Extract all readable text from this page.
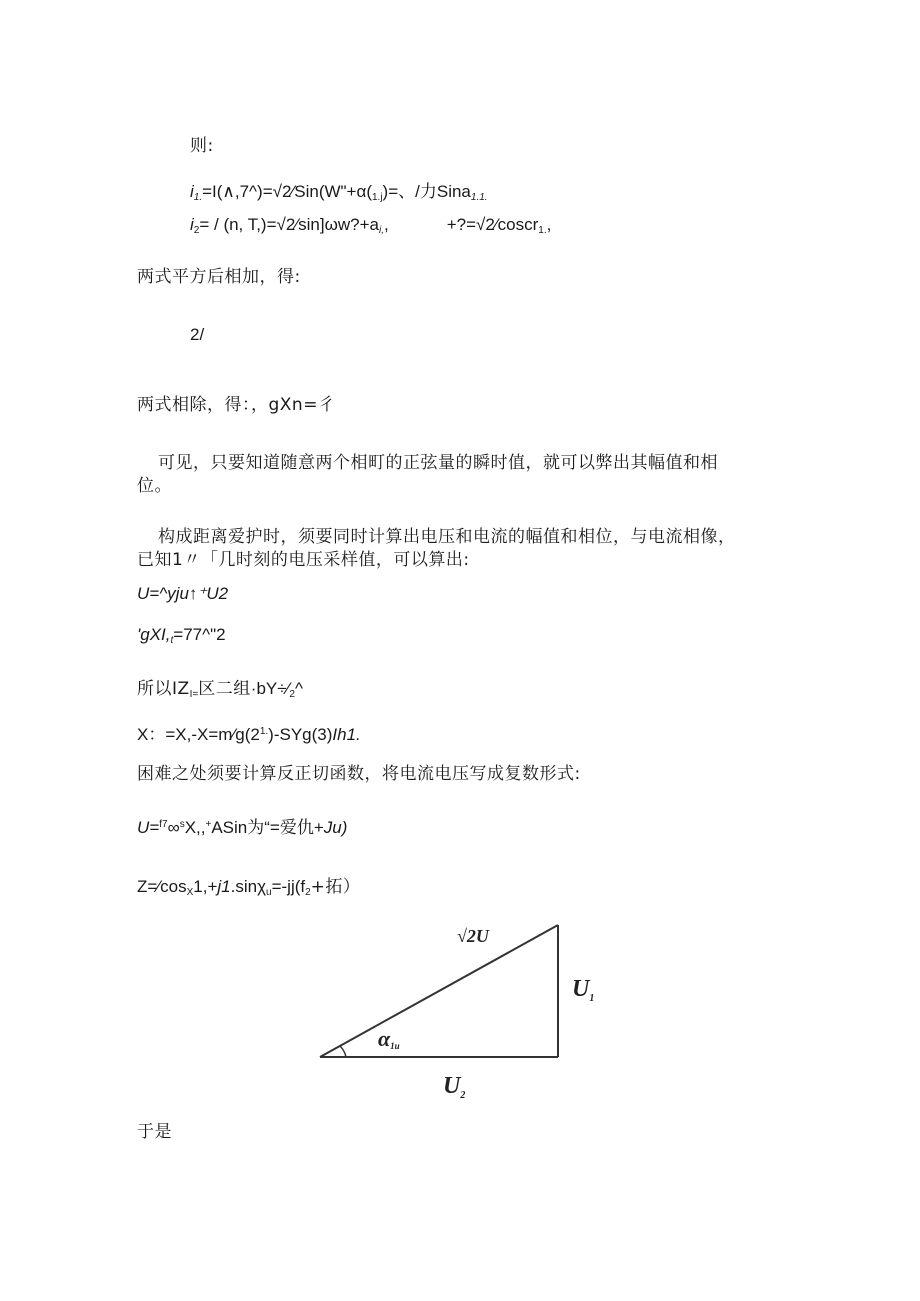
则:
$i_{1.}=I(\wedge,7\^{})=√2⁄Sin(W"+\alpha(_{1.j})=$、/力Sina$_{1.1.}$
$i_2= / (n$, $T,)=√2⁄\sin]\omega w?+a_{i,}$,	+?=√2⁄coscr$_{1.}$,
两式平方后相加，得:
2/
两式相除，得：，gXn=彳
可见，只要知道随意两个相町的正弦量的瞬时值，就可以弊出其幅值和相
位。
构成距离爱护时，须要同时计算出电压和电流的幅值和相位，与电流相像，
已知1〃「几时刻的电压采样值，可以算出:
U=^yju↑⁺U2
'$gXI,_t=77\^{}"2$
所以$IZ_{I=}$区二组$\cdot bY\div⁄_2\^{}$
X：$=X,-X=m⁄g(2^{1.})-SYg(3)Ih1$.
困难之处须要计算反正切函数，将电流电压写成复数形式:
U=$^{f7}$∞$^s$X,,+ASin为“=爱仇+Ju)
$Z=⁄\cos_X1,+j1.\sin\chi_u=-jj(f_2+$拓）
√2U
$U_1$
α1u
$U_2$
于是
